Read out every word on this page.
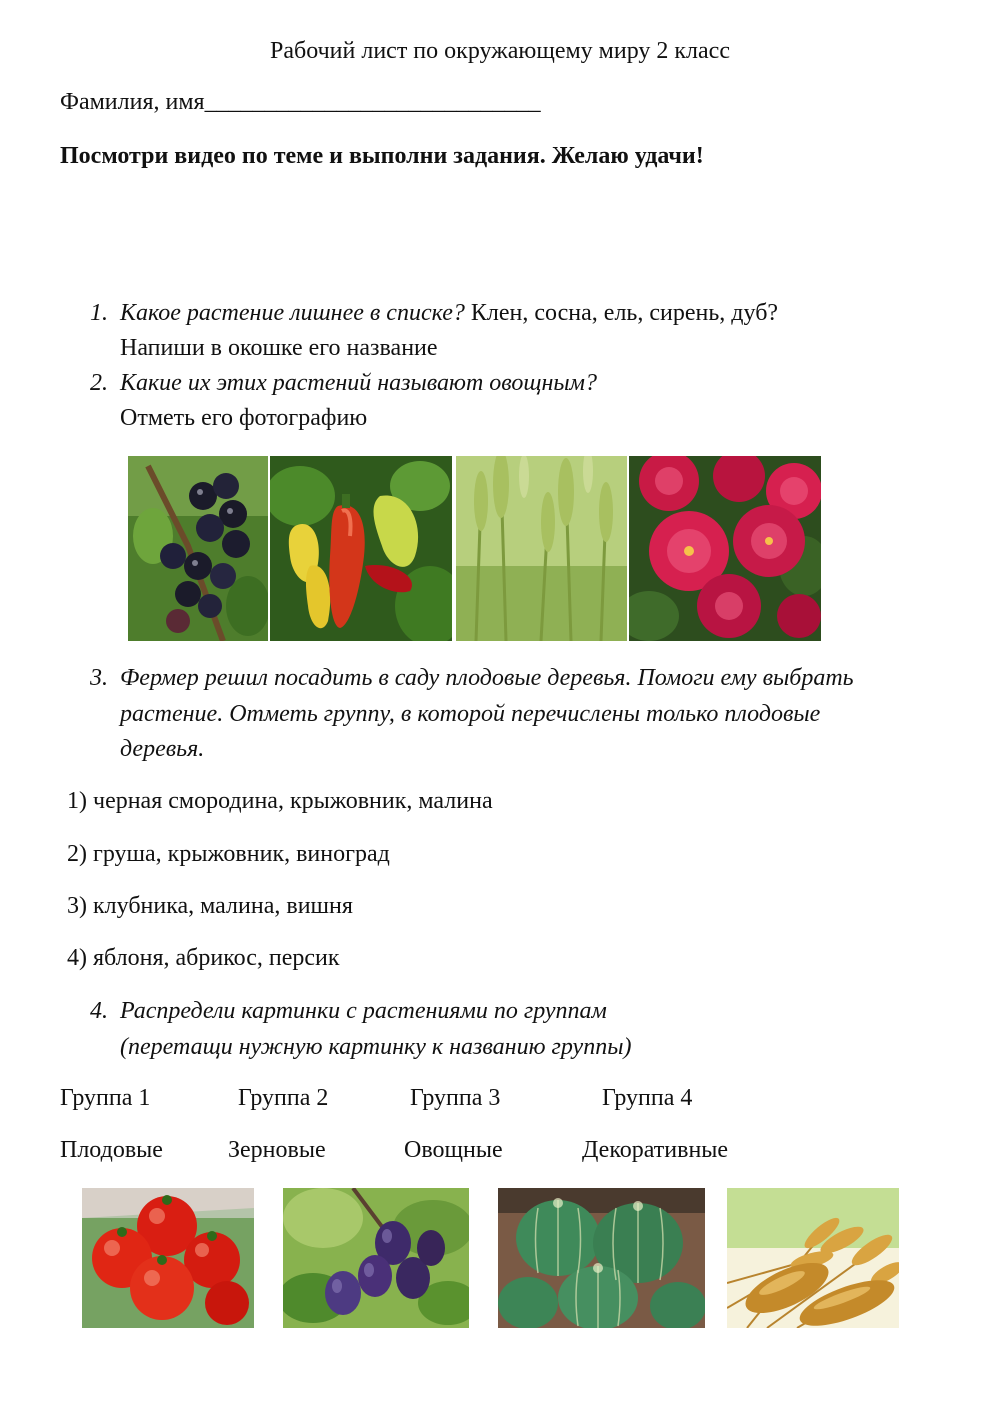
Рабочий лист по окружающему миру 2 класс
Фамилия, имя____________________________
Посмотри видео по теме и выполни задания. Желаю удачи!
1. Какое растение лишнее в списке? Клен, сосна, ель, сирень, дуб?
Напиши в окошке его название
2. Какие их этих растений называют овощным?
Отметь его фотографию
3. Фермер решил посадить в саду плодовые деревья. Помоги ему выбрать
растение. Отметь группу, в которой перечислены только плодовые
деревья.
1) черная смородина, крыжовник, малина
2) груша, крыжовник, виноград
3) клубника, малина, вишня
4) яблоня, абрикос, персик
4. Распредели картинки с растениями по группам
(перетащи нужную картинку к названию группы)
Группа 1	Группа 2	Группа 3	Группа 4
Плодовые	Зерновые	Овощные	Декоративные
